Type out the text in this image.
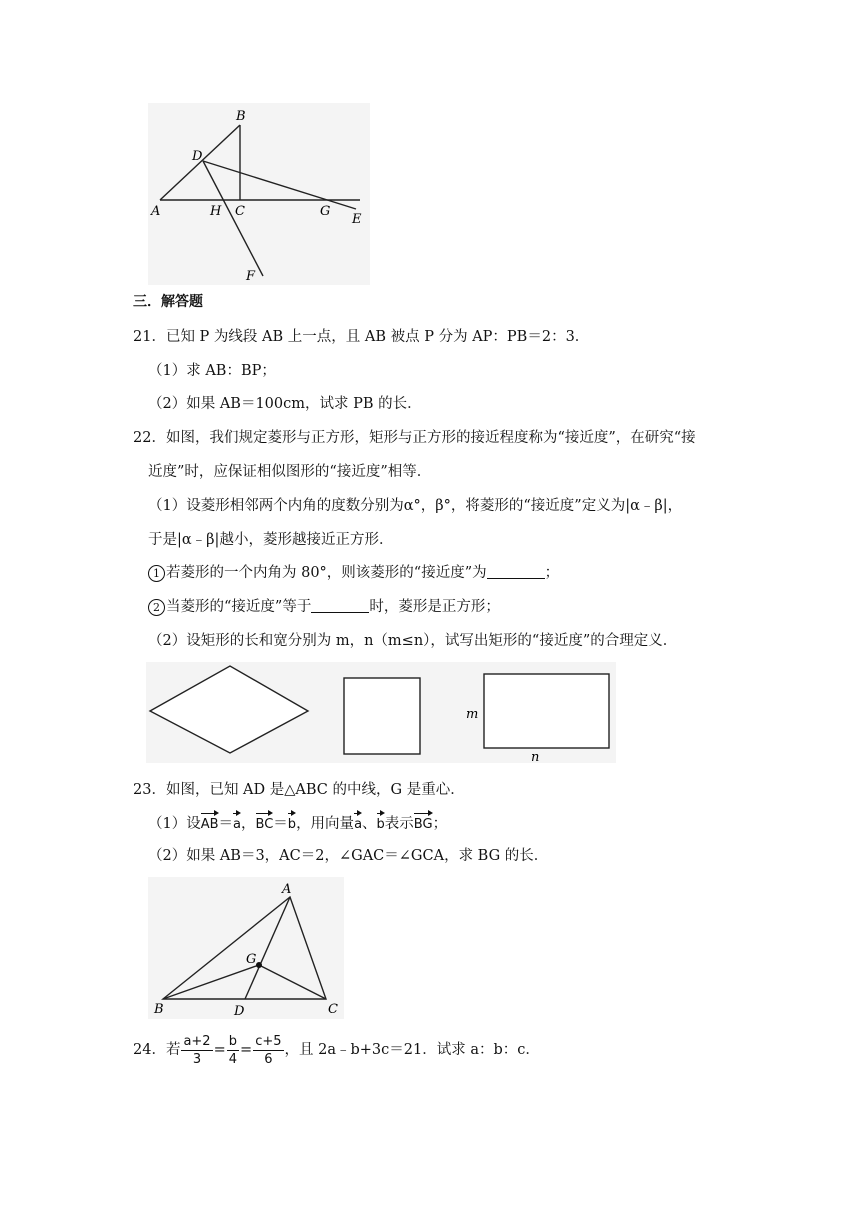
B
D
A	H C	G
E
F
三．解答题
21．已知 P 为线段 AB 上一点，且 AB 被点 P 分为 AP：PB＝2：3．
（1）求 AB：BP；
（2）如果 AB＝100cm，试求 PB 的长．
22．如图，我们规定菱形与正方形，矩形与正方形的接近程度称为“接近度”，在研究“接
近度”时，应保证相似图形的“接近度”相等．
（1）设菱形相邻两个内角的度数分别为α°，β°，将菱形的“接近度”定义为|α﹣β|，
于是|α﹣β|越小，菱形越接近正方形．
1 若菱形的一个内角为 80°，则该菱形的“接近度”为	；
2 当菱形的“接近度”等于	时，菱形是正方形；
（2）设矩形的长和宽分别为 m，n（m≤n），试写出矩形的“接近度”的合理定义．
m
n
23．如图，已知 AD 是△ABC 的中线，G 是重心．
（1）设AB＝a，BC＝b，用向量a、b表示BG；
（2）如果 AB＝3，AC＝2，∠GAC＝∠GCA，求 BG 的长．
A
G
B	D	C
24．若 $\frac{a+2}{3} = \frac{b}{4} = \frac{c+5}{6}$ ，且 2a﹣b+3c＝21．试求 a：b：c．
